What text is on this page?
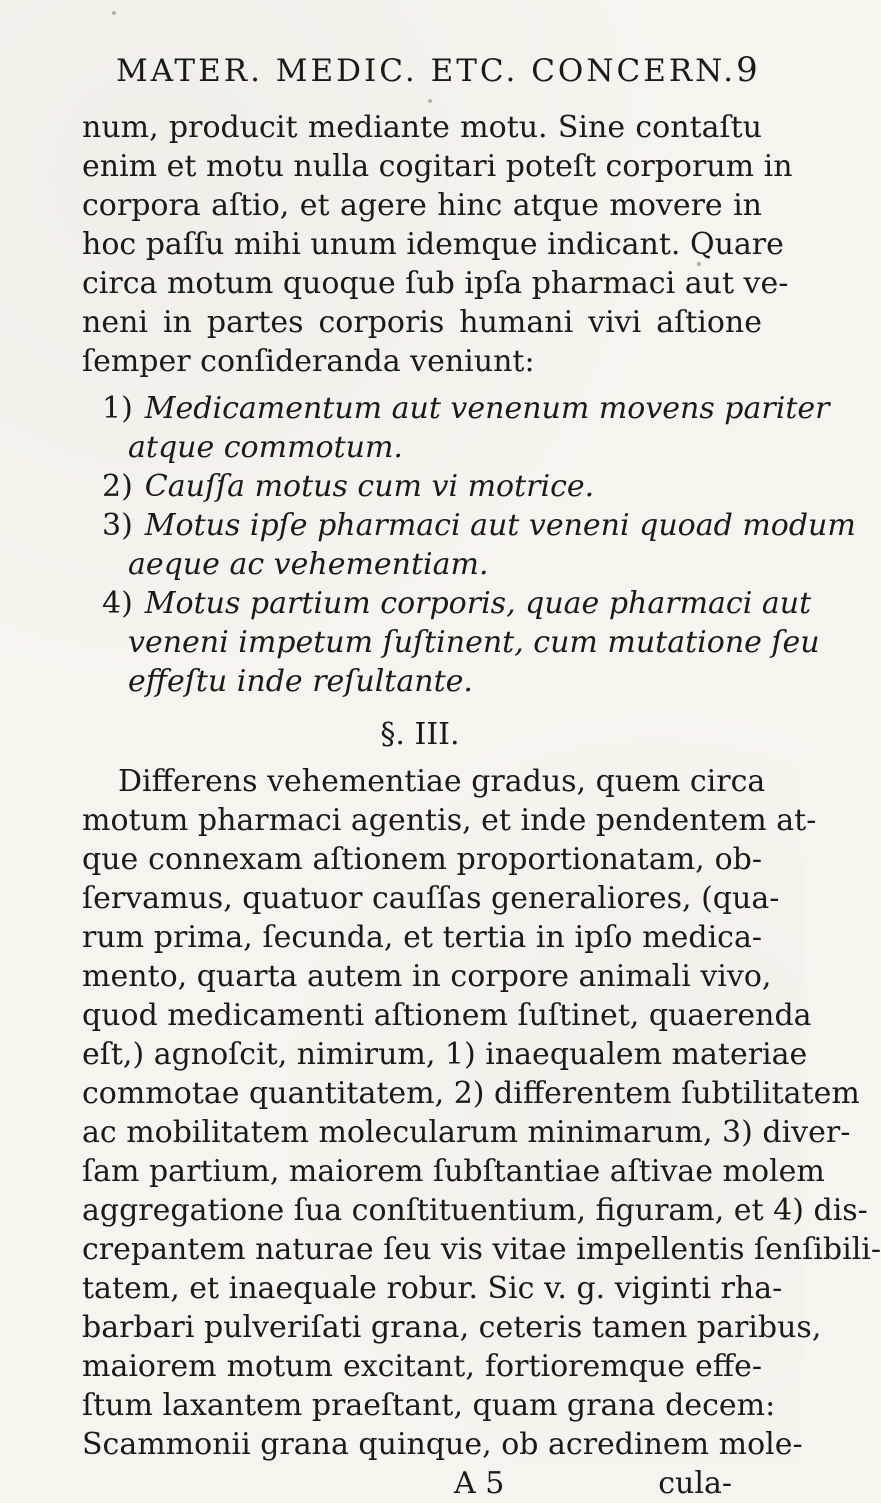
MATER. MEDIC. ETC. CONCERN. 9
num, producit mediante motu. Sine contaſtu
enim et motu nulla cogitari poteſt corporum in
corpora aſtio, et agere hinc atque movere in
hoc paſſu mihi unum idemque indicant. Quare
circa motum quoque ſub ipſa pharmaci aut ve-
neni in partes corporis humani vivi aſtione
ſemper conſideranda veniunt:
1) Medicamentum aut venenum movens pariter
atque commotum.
2) Cauſſa motus cum vi motrice.
3) Motus ipſe pharmaci aut veneni quoad modum
aeque ac vehementiam.
4) Motus partium corporis, quae pharmaci aut
veneni impetum ſuſtinent, cum mutatione ſeu
effeſtu inde reſultante.
§. III.
Differens vehementiae gradus, quem circa
motum pharmaci agentis, et inde pendentem at-
que connexam aſtionem proportionatam, ob-
ſervamus, quatuor cauſſas generaliores, (qua-
rum prima, ſecunda, et tertia in ipſo medica-
mento, quarta autem in corpore animali vivo,
quod medicamenti aſtionem ſuſtinet, quaerenda
eſt,) agnoſcit, nimirum, 1) inaequalem materiae
commotae quantitatem, 2) differentem ſubtilitatem
ac mobilitatem molecularum minimarum, 3) diver-
ſam partium, maiorem ſubſtantiae aſtivae molem
aggregatione ſua conſtituentium, figuram, et 4) dis-
crepantem naturae ſeu vis vitae impellentis ſenſibili-
tatem, et inaequale robur. Sic v. g. viginti rha-
barbari pulveriſati grana, ceteris tamen paribus,
maiorem motum excitant, fortioremque effe-
ſtum laxantem praeſtant, quam grana decem:
Scammonii grana quinque, ob acredinem mole-
A 5	cula-
